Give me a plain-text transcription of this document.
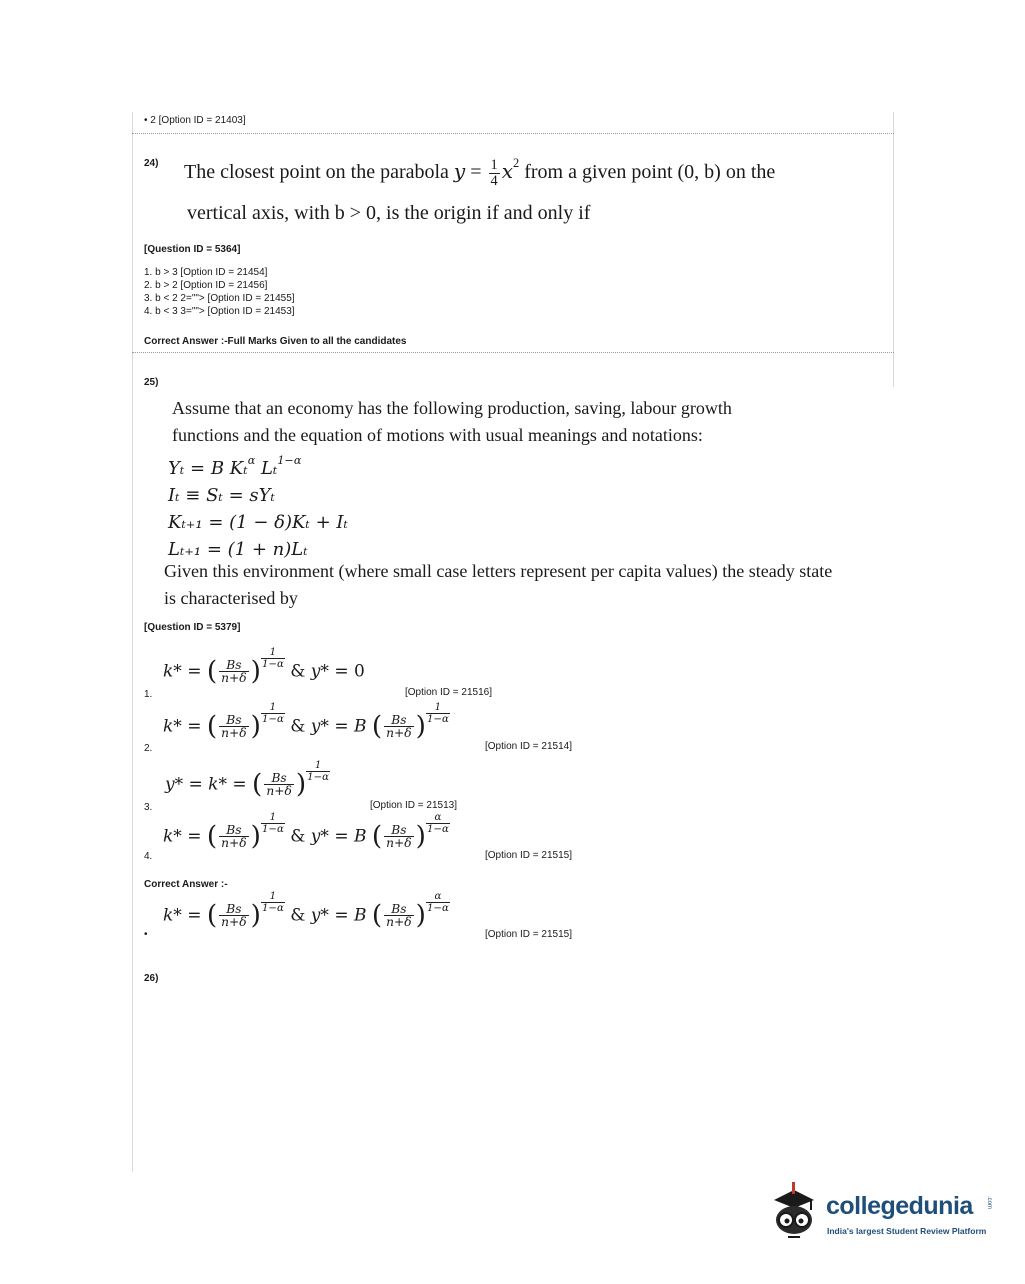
• 2 [Option ID = 21403]
24) The closest point on the parabola $y = \frac{1}{4} x^2$ from a given point (0, b) on the
vertical axis, with b > 0, is the origin if and only if
[Question ID = 5364]
1. b > 3 [Option ID = 21454]
2. b > 2 [Option ID = 21456]
3. b < 2 2=""> [Option ID = 21455]
4. b < 3 3=""> [Option ID = 21453]
Correct Answer :-Full Marks Given to all the candidates
25)
Assume that an economy has the following production, saving, labour growth
functions and the equation of motions with usual meanings and notations:
Yₜ = B Kₜ$^\alpha$ Lₜ$^{1-\alpha}$
Iₜ ≡ Sₜ = sYₜ
Kₜ₊₁ = (1 − δ)Kₜ + Iₜ
Lₜ₊₁ = (1 + n)Lₜ
Given this environment (where small case letters represent per capita values) the steady state
is characterised by
[Question ID = 5379]
1.
k* = ( $\frac{Bs}{n+\delta}$ ) $\frac{1}{1-\alpha}$
& y* = 0
[Option ID = 21516]
2.
k* = ( $\frac{Bs}{n+\delta}$ ) $\frac{1}{1-\alpha}$
& y* = B ( $\frac{Bs}{n+\delta}$ ) $\frac{1}{1-\alpha}$
[Option ID = 21514]
3.
y* = k* = ( $\frac{Bs}{n+\delta}$ ) $\frac{1}{1-\alpha}$
[Option ID = 21513]
4.
k* = ( $\frac{Bs}{n+\delta}$ ) $\frac{1}{1-\alpha}$
& y* = B ( $\frac{Bs}{n+\delta}$ ) $\frac{\alpha}{1-\alpha}$
[Option ID = 21515]
Correct Answer :-
•
k* = ( $\frac{Bs}{n+\delta}$ ) $\frac{1}{1-\alpha}$
& y* = B ( $\frac{Bs}{n+\delta}$ ) $\frac{\alpha}{1-\alpha}$
[Option ID = 21515]
26)
collegedunia .com
India's largest Student Review Platform
